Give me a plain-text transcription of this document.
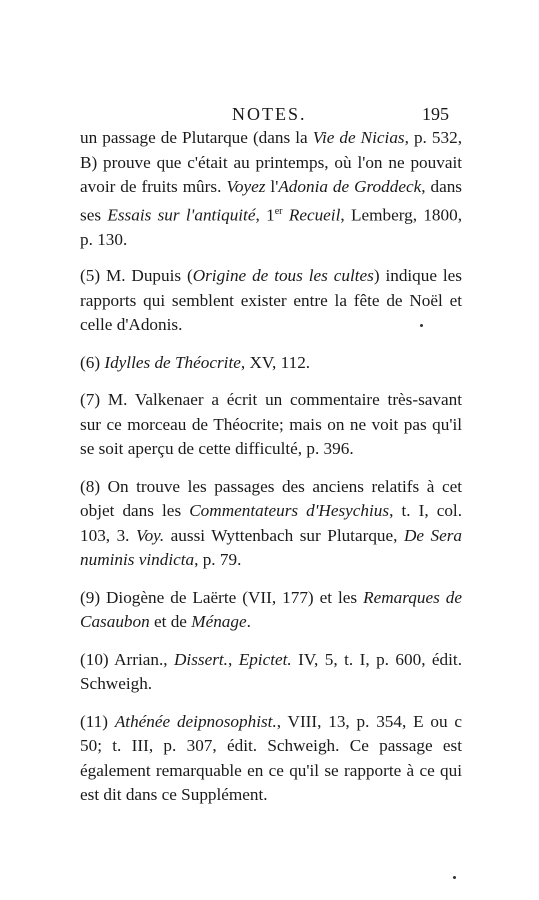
NOTES.	195

un passage de Plutarque (dans la Vie de Nicias, p. 532, B) prouve que c'était au printemps, où l'on ne pouvait avoir de fruits mûrs. Voyez l'Adonia de Groddeck, dans ses Essais sur l'antiquité, 1er Recueil, Lemberg, 1800, p. 130.

(5) M. Dupuis (Origine de tous les cultes) indique les rapports qui semblent exister entre la fête de Noël et celle d'Adonis.

(6) Idylles de Théocrite, XV, 112.

(7) M. Valkenaer a écrit un commentaire très-savant sur ce morceau de Théocrite; mais on ne voit pas qu'il se soit aperçu de cette difficulté, p. 396.

(8) On trouve les passages des anciens relatifs à cet objet dans les Commentateurs d'Hesychius, t. I, col. 103, 3. Voy. aussi Wyttenbach sur Plutarque, De Sera numinis vindicta, p. 79.

(9) Diogène de Laërte (VII, 177) et les Remarques de Casaubon et de Ménage.

(10) Arrian., Dissert., Epictet. IV, 5, t. I, p. 600, édit. Schweigh.

(11) Athénée deipnosophist., VIII, 13, p. 354, E ou c 50; t. III, p. 307, édit. Schweigh. Ce passage est également remarquable en ce qu'il se rapporte à ce qui est dit dans ce Supplément.
